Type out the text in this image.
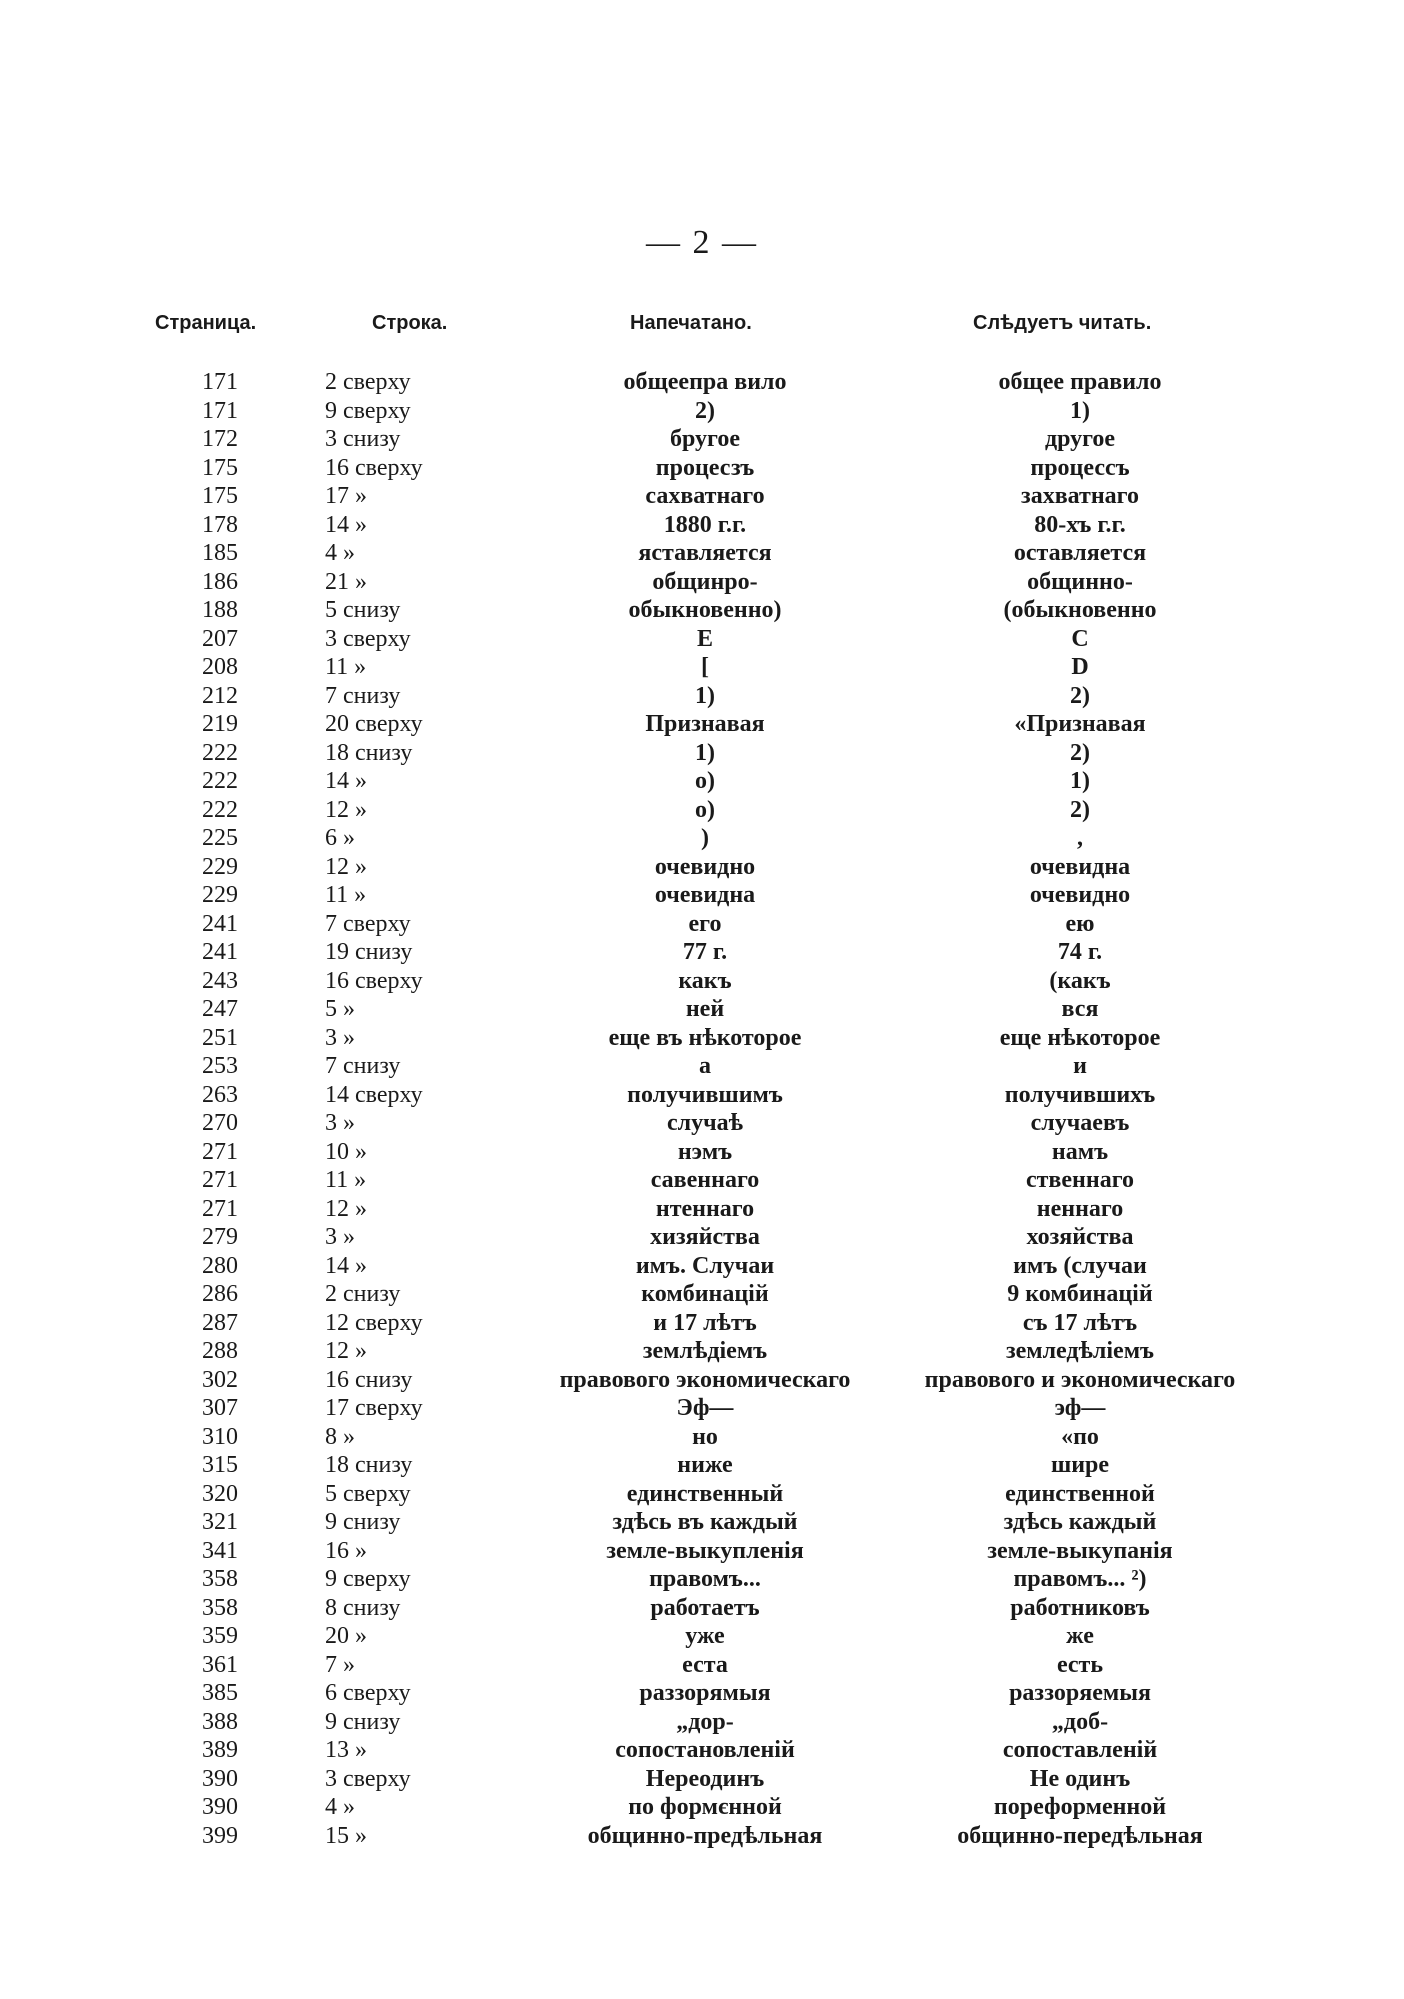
— 2 —
Страница.	Строка.	Напечатано.	Слѣдуетъ читать.
171	2 сверху	общеепра вило	общее правило
171	9 сверху	2)	1)
172	3 снизу	бругое	другое
175	16 сверху	процесзъ	процессъ
175	17 »	сахватнаго	захватнаго
178	14 »	1880 г.г.	80-хъ г.г.
185	4 »	яставляется	оставляется
186	21 »	общинро-	общинно-
188	5 снизу	обыкновенно)	(обыкновенно
207	3 сверху	Е	С
208	11 »	[	D
212	7 снизу	1)	2)
219	20 сверху	Признавая	«Признавая
222	18 снизу	1)	2)
222	14 »	о)	1)
222	12 »	о)	2)
225	6 »	)	,
229	12 »	очевидно	очевидна
229	11 »	очевидна	очевидно
241	7 сверху	его	ею
241	19 снизу	77 г.	74 г.
243	16 сверху	какъ	(какъ
247	5 »	ней	вся
251	3 »	еще въ нѣкоторое	еще нѣкоторое
253	7 снизу	а	и
263	14 сверху	получившимъ	получившихъ
270	3 »	случаѣ	случаевъ
271	10 »	нэмъ	намъ
271	11 »	савеннаго	ственнаго
271	12 »	нтеннаго	неннаго
279	3 »	хизяйства	хозяйства
280	14 »	имъ. Случаи	имъ (случаи
286	2 снизу	комбинацій	9 комбинацій
287	12 сверху	и 17 лѣтъ	съ 17 лѣтъ
288	12 »	землѣдіемъ	земледѣліемъ
302	16 снизу	правового экономическаго	правового и экономическаго
307	17 сверху	Эф—	эф—
310	8 »	но	«по
315	18 снизу	ниже	шире
320	5 сверху	единственный	единственной
321	9 снизу	здѣсь въ каждый	здѣсь каждый
341	16 »	земле-выкупленія	земле-выкупанія
358	9 сверху	правомъ...	правомъ... ²)
358	8 снизу	работаетъ	работниковъ
359	20 »	уже	же
361	7 »	еста	есть
385	6 сверху	раззорямыя	раззоряемыя
388	9 снизу	„дор-	„доб-
389	13 »	сопостановленій	сопоставленій
390	3 сверху	Нереодинъ	Не одинъ
390	4 »	по формєнной	пореформенной
399	15 »	общинно-предѣльная	общинно-передѣльная
